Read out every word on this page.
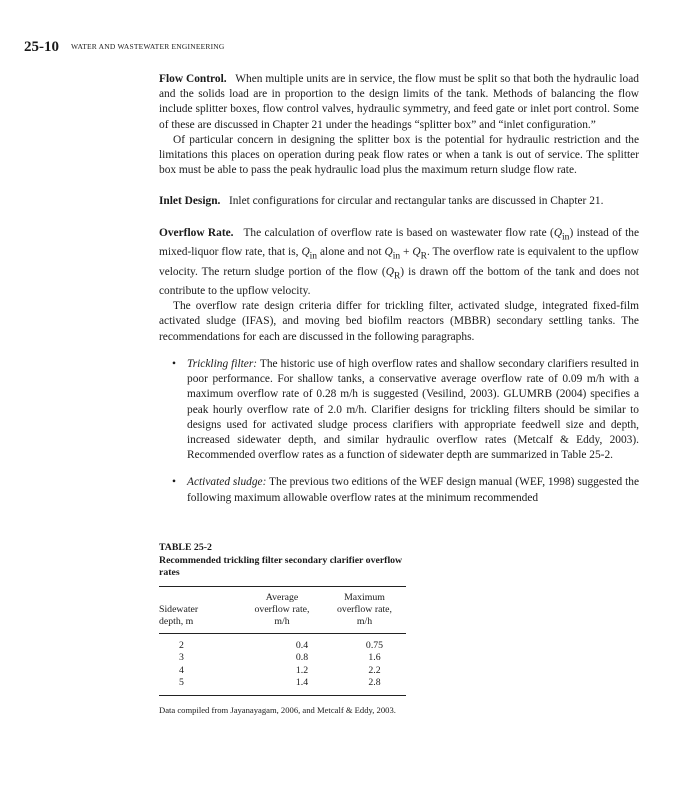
25-10 WATER AND WASTEWATER ENGINEERING

Flow Control. When multiple units are in service, the flow must be split so that both the hydraulic load and the solids load are in proportion to the design limits of the tank. Methods of balancing the flow include splitter boxes, flow control valves, hydraulic symmetry, and feed gate or inlet port control. Some of these are discussed in Chapter 21 under the headings “splitter box” and “inlet configuration.”

Of particular concern in designing the splitter box is the potential for hydraulic restriction and the limitations this places on operation during peak flow rates or when a tank is out of service. The splitter box must be able to pass the peak hydraulic load plus the maximum return sludge flow rate.

Inlet Design. Inlet configurations for circular and rectangular tanks are discussed in Chapter 21.

Overflow Rate. The calculation of overflow rate is based on wastewater flow rate $(Q_{in})$ instead of the mixed-liquor flow rate, that is, $Q_{in}$ alone and not $Q_{in} + Q_R$. The overflow rate is equivalent to the upflow velocity. The return sludge portion of the flow $(Q_R)$ is drawn off the bottom of the tank and does not contribute to the upflow velocity.

The overflow rate design criteria differ for trickling filter, activated sludge, integrated fixed-film activated sludge (IFAS), and moving bed biofilm reactors (MBBR) secondary settling tanks. The recommendations for each are discussed in the following paragraphs.

• Trickling filter: The historic use of high overflow rates and shallow secondary clarifiers resulted in poor performance. For shallow tanks, a conservative average overflow rate of 0.09 m/h with a maximum overflow rate of 0.28 m/h is suggested (Vesilind, 2003). GLUMRB (2004) specifies a peak hourly overflow rate of 2.0 m/h. Clarifier designs for trickling filters should be similar to designs used for activated sludge process clarifiers with appropriate feedwell size and depth, increased sidewater depth, and similar hydraulic overflow rates (Metcalf & Eddy, 2003). Recommended overflow rates as a function of sidewater depth are summarized in Table 25-2.
• Activated sludge: The previous two editions of the WEF design manual (WEF, 1998) suggested the following maximum allowable overflow rates at the minimum recommended
TABLE 25-2
Recommended trickling filter secondary clarifier overflow rates
	Average	Maximum
Sidewater	overflow rate,	overflow rate,
depth, m	m/h	m/h
2	0.4	0.75
3	0.8	1.6
4	1.2	2.2
5	1.4	2.8
Data compiled from Jayanayagam, 2006, and Metcalf & Eddy, 2003.
